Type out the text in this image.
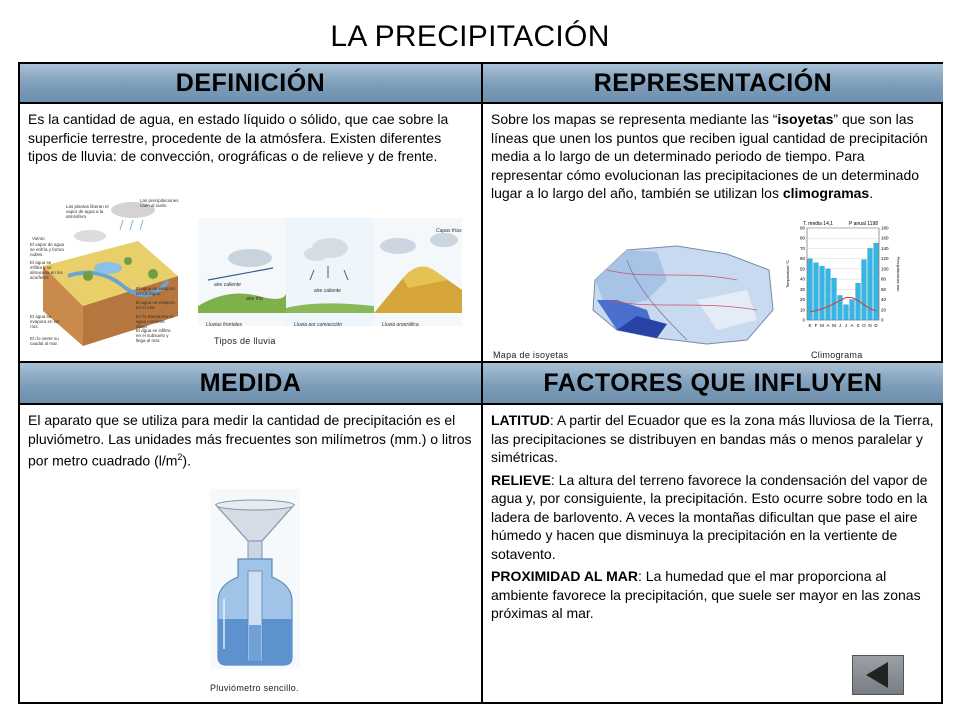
LA PRECIPITACIÓN
DEFINICIÓN	REPRESENTACIÓN
MEDIDA	FACTORES QUE INFLUYEN
Es la cantidad de agua, en estado líquido o sólido, que cae sobre la superficie terrestre, procedente de la atmósfera. Existen diferentes tipos de lluvia: de convección, orográficas o de relieve y de frente.
Las plantas liberan el vapor de agua a la atmósfera
Las precipitaciones caen al suelo
Viento
El vapor de agua se enfría y forma nubes.
El agua se evapora en los lagos.
El agua se evapora en el mar.
El agua se evapora en los ríos.
El agua se infiltra y se almacena en los acuíferos
El río transporta el agua corriente abajo
El agua se infiltra en el subsuelo y llega al mar.
El río vierte su caudal al mar.
aire caliente
aire frío
Lluvias frontales	Lluvia por convección	Lluvia orográfica
aire caliente
Capas frías
Tipos de lluvia
Sobre los mapas se representa mediante las “isoyetas” que son las líneas que unen los puntos que reciben igual cantidad de precipitación media a lo largo de un determinado periodo de tiempo. Para representar cómo evolucionan las precipitaciones de un determinado lugar a lo largo del año, también se utilizan los climogramas.
Mapa de isoyetas
T. media 14,1	P anual 1198
90
80
70
60
50
40
30
20
10
0
180
160
140
120
100
80
60
40
20
0
E F M A M J J A S O N D
Temperatura °C	Precipitaciones mm
Climograma
El aparato que se utiliza para medir la cantidad de precipitación es el pluviómetro. Las unidades más frecuentes son milímetros (mm.) o litros por metro cuadrado $(l/m^2)$.
Pluviómetro sencillo.

LATITUD: A partir del Ecuador que es la zona más lluviosa de la Tierra, las precipitaciones se distribuyen en bandas más o menos paralelar y simétricas.

RELIEVE: La altura del terreno favorece la condensación del vapor de agua y, por consiguiente, la precipitación. Esto ocurre sobre todo en la ladera de barlovento. A veces la montañas dificultan que pase el aire húmedo y hacen que disminuya la precipitación en la vertiente de sotavento.

PROXIMIDAD AL MAR: La humedad que el mar proporciona al ambiente favorece la precipitación, que suele ser mayor en las zonas próximas al mar.
